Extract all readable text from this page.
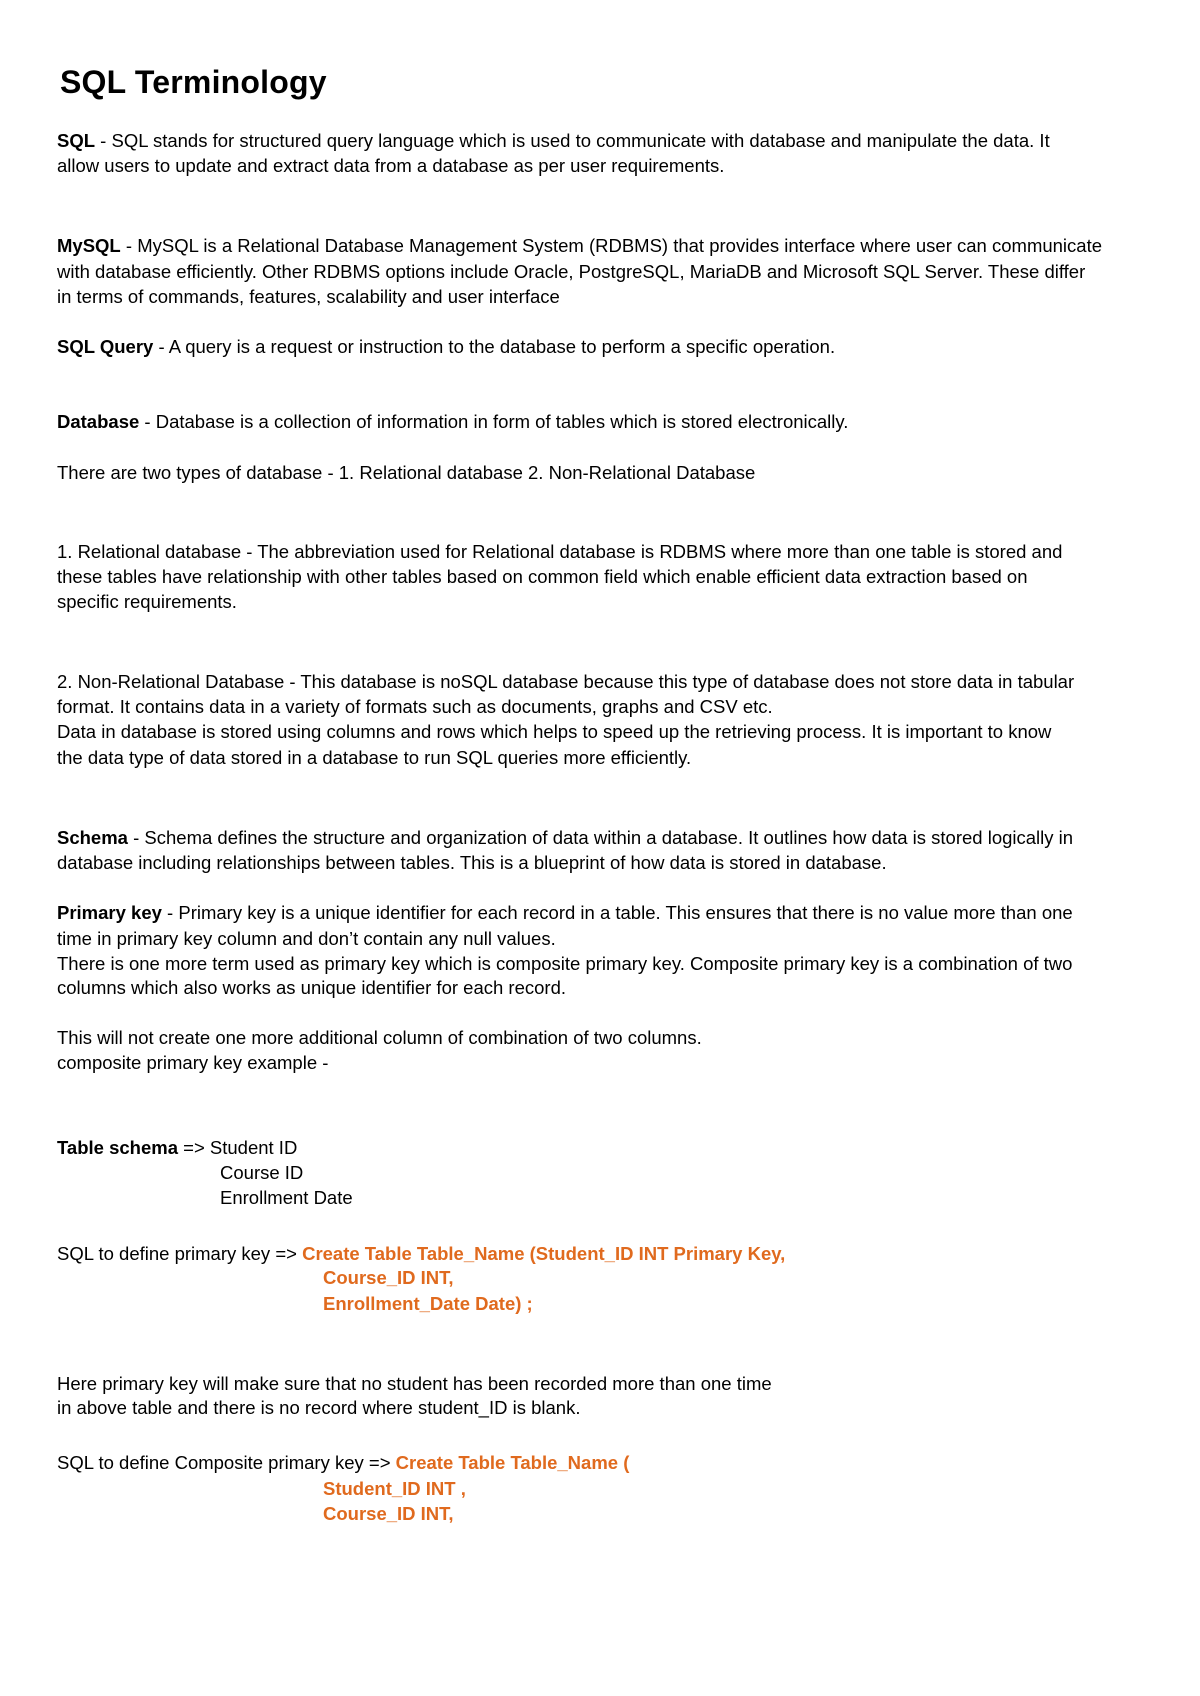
SQL Terminology
SQL - SQL stands for structured query language which is used to communicate with database and manipulate the data. It
allow users to update and extract data from a database as per user requirements.
MySQL - MySQL is a Relational Database Management System (RDBMS) that provides interface where user can communicate
with database efficiently. Other RDBMS options include Oracle, PostgreSQL, MariaDB and Microsoft SQL Server. These differ
in terms of commands, features, scalability and user interface
SQL Query - A query is a request or instruction to the database to perform a specific operation.
Database - Database is a collection of information in form of tables which is stored electronically.
There are two types of database - 1. Relational database 2. Non-Relational Database
1. Relational database - The abbreviation used for Relational database is RDBMS where more than one table is stored and
these tables have relationship with other tables based on common field which enable efficient data extraction based on
specific requirements.
2. Non-Relational Database - This database is noSQL database because this type of database does not store data in tabular
format. It contains data in a variety of formats such as documents, graphs and CSV etc.
Data in database is stored using columns and rows which helps to speed up the retrieving process. It is important to know
the data type of data stored in a database to run SQL queries more efficiently.
Schema - Schema defines the structure and organization of data within a database. It outlines how data is stored logically in
database including relationships between tables. This is a blueprint of how data is stored in database.
Primary key - Primary key is a unique identifier for each record in a table. This ensures that there is no value more than one
time in primary key column and don’t contain any null values.
There is one more term used as primary key which is composite primary key. Composite primary key is a combination of two
columns which also works as unique identifier for each record.
This will not create one more additional column of combination of two columns.
composite primary key example -
Table schema => Student ID
Course ID
Enrollment Date
SQL to define primary key => Create Table Table_Name (Student_ID INT Primary Key,
Course_ID INT,
Enrollment_Date Date) ;
Here primary key will make sure that no student has been recorded more than one time
in above table and there is no record where student_ID is blank.
SQL to define Composite primary key => Create Table Table_Name (
Student_ID INT ,
Course_ID INT,
